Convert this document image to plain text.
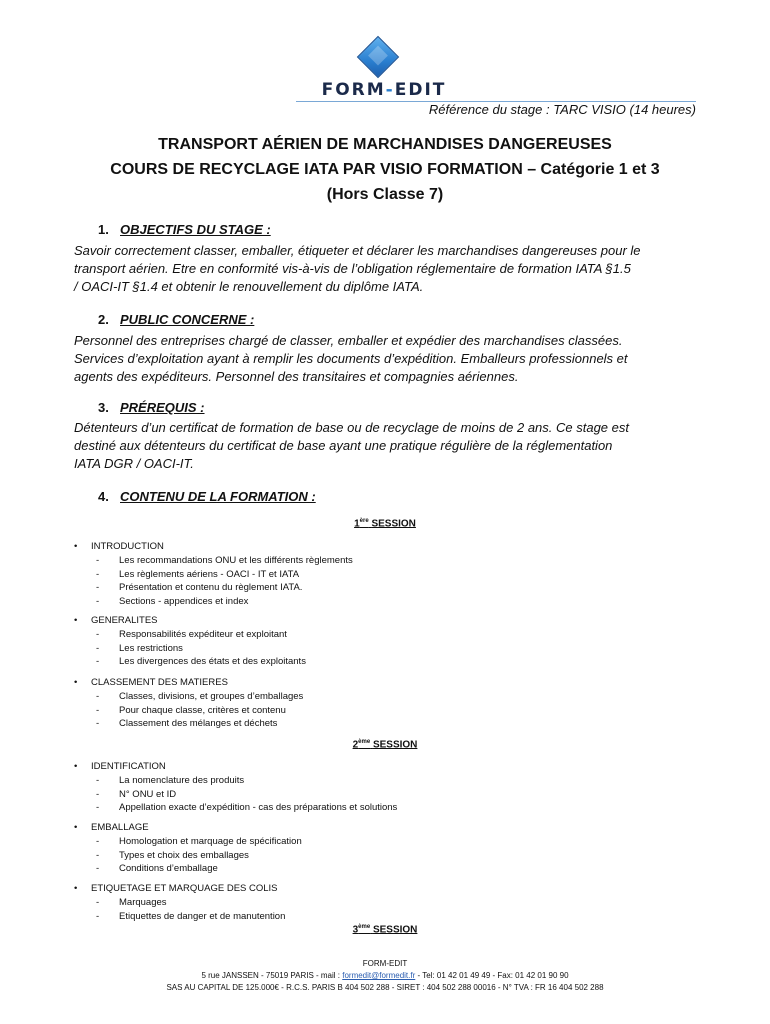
FORM-EDIT
Référence du stage : TARC VISIO (14 heures)
TRANSPORT AÉRIEN DE MARCHANDISES DANGEREUSES
COURS DE RECYCLAGE IATA PAR VISIO FORMATION – Catégorie 1 et 3
(Hors Classe 7)
1. OBJECTIFS DU STAGE :
Savoir correctement classer, emballer, étiqueter et déclarer les marchandises dangereuses pour le
transport aérien. Etre en conformité vis-à-vis de l’obligation réglementaire de formation IATA §1.5
/ OACI-IT §1.4 et obtenir le renouvellement du diplôme IATA.
2. PUBLIC CONCERNE :
Personnel des entreprises chargé de classer, emballer et expédier des marchandises classées.
Services d’exploitation ayant à remplir les documents d’expédition. Emballeurs professionnels et
agents des expéditeurs. Personnel des transitaires et compagnies aériennes.
3. PRÉREQUIS :
Détenteurs d’un certificat de formation de base ou de recyclage de moins de 2 ans. Ce stage est
destiné aux détenteurs du certificat de base ayant une pratique régulière de la réglementation
IATA DGR / OACI-IT.
4. CONTENU DE LA FORMATION :
1ère SESSION
• INTRODUCTION
- Les recommandations ONU et les différents règlements
- Les règlements aériens - OACI - IT et IATA
- Présentation et contenu du règlement IATA.
- Sections - appendices et index
• GENERALITES
- Responsabilités expéditeur et exploitant
- Les restrictions
- Les divergences des états et des exploitants
• CLASSEMENT DES MATIERES
- Classes, divisions, et groupes d’emballages
- Pour chaque classe, critères et contenu
- Classement des mélanges et déchets
2ème SESSION
• IDENTIFICATION
- La nomenclature des produits
- N° ONU et ID
- Appellation exacte d’expédition - cas des préparations et solutions
• EMBALLAGE
- Homologation et marquage de spécification
- Types et choix des emballages
- Conditions d’emballage
• ETIQUETAGE ET MARQUAGE DES COLIS
- Marquages
- Etiquettes de danger et de manutention
3ème SESSION
FORM-EDIT
5 rue JANSSEN - 75019 PARIS - mail : formedit@formedit.fr - Tel: 01 42 01 49 49 - Fax: 01 42 01 90 90
SAS AU CAPITAL DE 125.000€ - R.C.S. PARIS B 404 502 288 - SIRET : 404 502 288 00016 - N° TVA : FR 16 404 502 288
